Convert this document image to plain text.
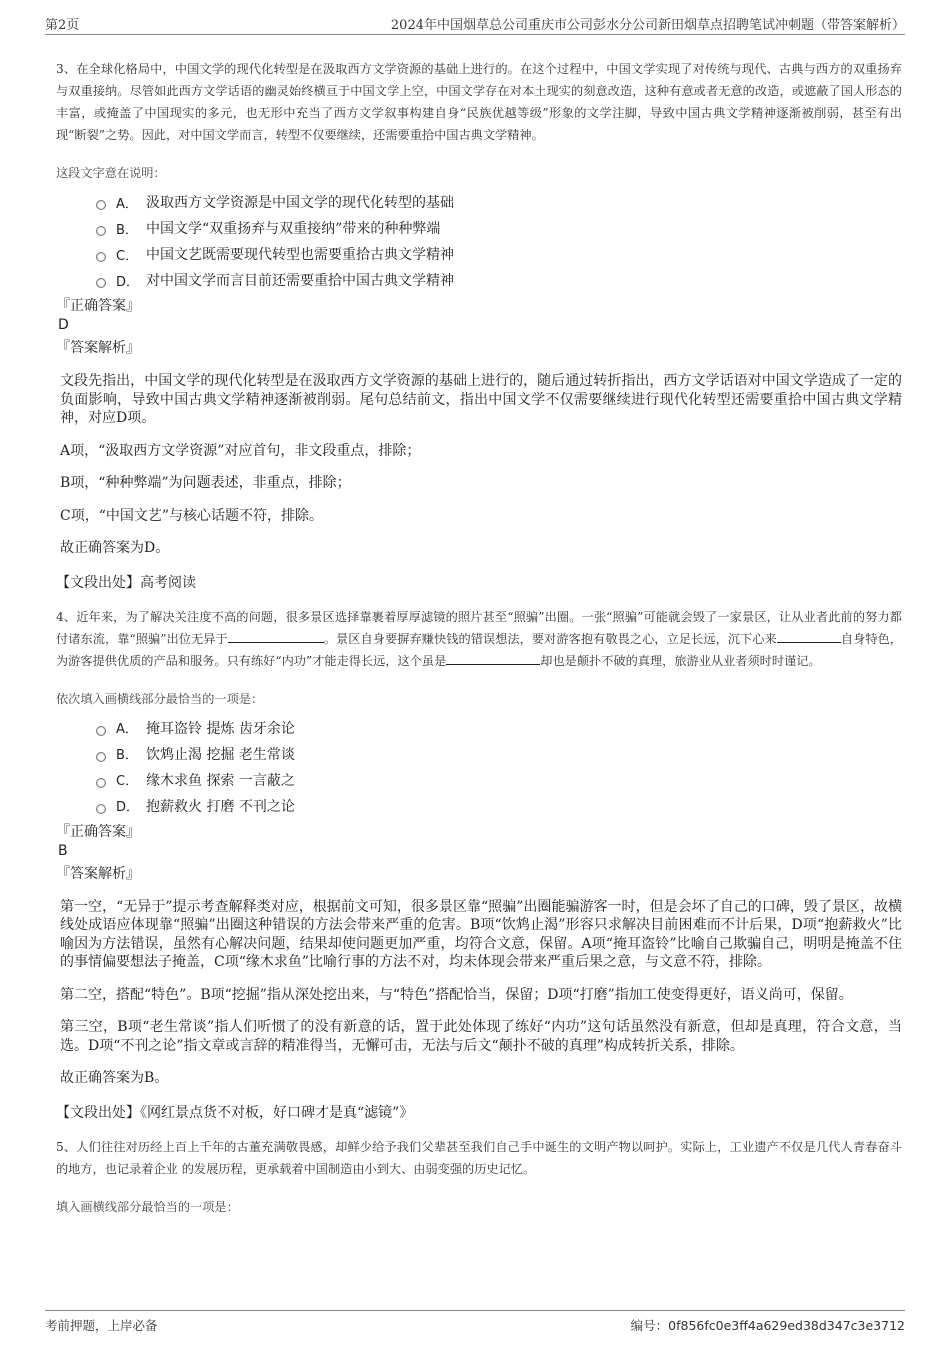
第2页	2024年中国烟草总公司重庆市公司彭水分公司新田烟草点招聘笔试冲刺题（带答案解析）

3、在全球化格局中，中国文学的现代化转型是在汲取西方文学资源的基础上进行的。在这个过程中，中国文学实现了对传统与现代、古典与西方的双重扬弃与双重接纳。尽管如此西方文学话语的幽灵始终横亘于中国文学上空，中国文学存在对本土现实的刻意改造，这种有意或者无意的改造，或遮蔽了国人形态的丰富，或掩盖了中国现实的多元，也无形中充当了西方文学叙事构建自身“民族优越等级”形象的文学注脚，导致中国古典文学精神逐渐被削弱，甚至有出现“断裂”之势。因此，对中国文学而言，转型不仅要继续，还需要重拾中国古典文学精神。

这段文字意在说明：

A． 汲取西方文学资源是中国文学的现代化转型的基础
B． 中国文学“双重扬弃与双重接纳”带来的种种弊端
C． 中国文艺既需要现代转型也需要重拾古典文学精神
D． 对中国文学而言目前还需要重拾中国古典文学精神

『正确答案』

D

『答案解析』

文段先指出，中国文学的现代化转型是在汲取西方文学资源的基础上进行的，随后通过转折指出，西方文学话语对中国文学造成了一定的负面影响，导致中国古典文学精神逐渐被削弱。尾句总结前文，指出中国文学不仅需要继续进行现代化转型还需要重拾中国古典文学精神，对应D项。

A项，“汲取西方文学资源”对应首句，非文段重点，排除；

B项，“种种弊端”为问题表述，非重点，排除；

C项，“中国文艺”与核心话题不符，排除。

故正确答案为D。

【文段出处】高考阅读

4、近年来，为了解决关注度不高的问题，很多景区选择靠裹着厚厚滤镜的照片甚至“照骗”出圈。一张“照骗”可能就会毁了一家景区，让从业者此前的努力都付诸东流，靠“照骗”出位无异于	。景区自身要摒弃赚快钱的错误想法，要对游客抱有敬畏之心，立足长远，沉下心来	自身特色，为游客提供优质的产品和服务。只有练好“内功”才能走得长远，这个虽是	却也是颠扑不破的真理，旅游业从业者须时时谨记。

依次填入画横线部分最恰当的一项是：

A． 掩耳盗铃 提炼 齿牙余论
B． 饮鸩止渴 挖掘 老生常谈
C． 缘木求鱼 探索 一言蔽之
D． 抱薪救火 打磨 不刊之论

『正确答案』

B

『答案解析』

第一空，“无异于”提示考查解释类对应，根据前文可知，很多景区靠“照骗”出圈能骗游客一时，但是会坏了自己的口碑，毁了景区，故横线处成语应体现靠“照骗”出圈这种错误的方法会带来严重的危害。B项“饮鸩止渴”形容只求解决目前困难而不计后果，D项“抱薪救火”比喻因为方法错误，虽然有心解决问题，结果却使问题更加严重，均符合文意，保留。A项“掩耳盗铃”比喻自己欺骗自己，明明是掩盖不住的事情偏要想法子掩盖，C项“缘木求鱼”比喻行事的方法不对，均未体现会带来严重后果之意，与文意不符，排除。

第二空，搭配“特色”。B项“挖掘”指从深处挖出来，与“特色”搭配恰当，保留；D项“打磨”指加工使变得更好，语义尚可，保留。

第三空，B项“老生常谈”指人们听惯了的没有新意的话，置于此处体现了练好“内功”这句话虽然没有新意，但却是真理，符合文意，当选。D项“不刊之论”指文章或言辞的精准得当，无懈可击，无法与后文“颠扑不破的真理”构成转折关系，排除。

故正确答案为B。

【文段出处】《网红景点货不对板，好口碑才是真“滤镜”》

5、人们往往对历经上百上千年的古董充满敬畏感，却鲜少给予我们父辈甚至我们自己手中诞生的文明产物以呵护。实际上，工业遗产不仅是几代人青春奋斗的地方，也记录着企业 的发展历程，更承载着中国制造由小到大、由弱变强的历史记忆。

填入画横线部分最恰当的一项是：

考前押题，上岸必备	编号：0f856fc0e3ff4a629ed38d347c3e3712
